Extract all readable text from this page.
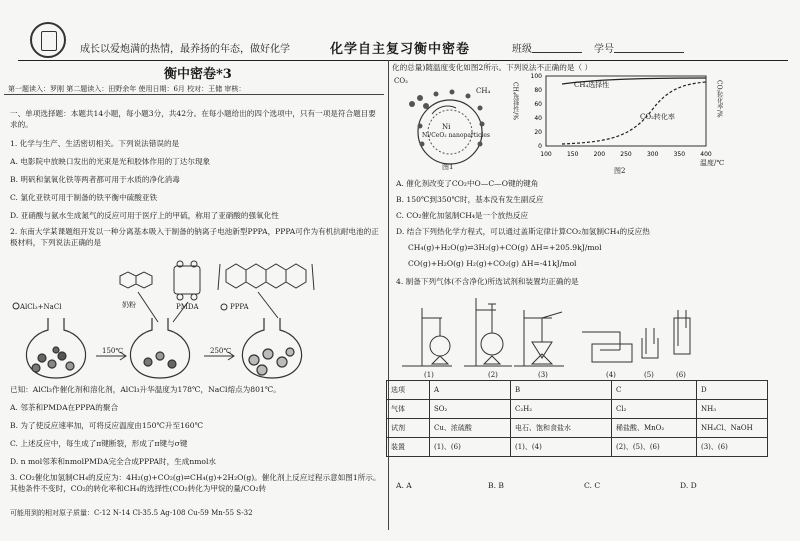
成长以爱炮满的热情，最养扬的年态，做好化学	化学自主复习衡中密卷	班级	学号
衡中密卷*3
第一题读入：罗刚 第二题读入：田野余年 使用日期：6月 校对：王储 审核：
一、单项选择题：本题共14小题，每小题3分，共42分。在每小题给出的四个选项中，只有一项是符合题目要求的。
1. 化学与生产、生活密切相关。下列说法错误的是
A. 电影院中放映口发出的光束是光和胶体作用的丁达尔现象
B. 明矾和氯氧化铁等两者都可用于水质的净化消毒
C. 氯化亚铁可用于制备的铁平衡中硫酸亚铁
D. 亚硝酸与氨水生成氮气的反应可用于医疗上的甲硫，称用了亚硝酸的强氧化性
2. 东南大学某课题组开发以一种分离基本吸入于制备的钠离子电池新型PPPA，PPPA可作为有机抗耐电池的正极材料，下列说法正确的是
AlCl₃+NaCl	奶粉	PMDA	PPPA
150℃	250℃
已知：AlCl₃作催化剂和溶化剂，AlCl₃升华温度为178℃，NaCl熔点为801℃。
A. 邻茶和PMDA在PPPA的聚合
B. 为了使反应速率加，可将反应温度由150℃升至160℃
C. 上述反应中，每生成了π键断裂，形成了π键与σ键
D. n mol邻苯和nmolPMDA完全合成PPPA时，生成nmol水
3. CO₂催化加氢制CH₄的反应为：4H₂(g)+CO₂(g)⇌CH₄(g)+2H₂O(g)。催化剂上反应过程示意如图1所示。其他条件不变时，CO₂的转化率和CH₄的选择性(CO₂转化为甲烷的量/CO₂转
可能用到的相对原子质量：C-12 N-14 Cl-35.5 Ag-108 Cu-59 Mn-55 S-32
化的总量)随温度变化如图2所示。下列说法不正确的是（ ）
CO₂
CH₄
Ni
Ni/CeO₂ nanoparticles
图1
100	150	200	250	300	350	400
0
20
40
60
80
100
CH₄选择性/%	CO₂转化率/%
CH₄选择性
CO₂转化率
温度/℃
图2
A. 催化剂改变了CO₂中O—C—O键的键角
B. 150℃到350℃时，基本没有发生副反应
C. CO₂催化加氢制CH₄是一个放热反应
D. 结合下列热化学方程式，可以通过盖斯定律计算CO₂加氢制CH₄的反应热
CH₄(g)+H₂O(g)⇌3H₂(g)+CO(g) ΔH=+205.9kJ/mol
CO(g)+H₂O(g) H₂(g)+CO₂(g) ΔH=-41kJ/mol
4. 制备下列气体(不含净化)所选试剂和装置均正确的是
(1)	(2)	(3)	(4)	(5)	(6)
选项	A	B	C	D
气体	SO₂	C₂H₂	Cl₂	NH₃
试剂	Cu、浓硫酸	电石、饱和食盐水	稀盐酸、MnO₂	NH₄Cl、NaOH
装置	(1)、(6)	(1)、(4)	(2)、(5)、(6)	(3)、(6)
A. A	B. B	C. C	D. D
